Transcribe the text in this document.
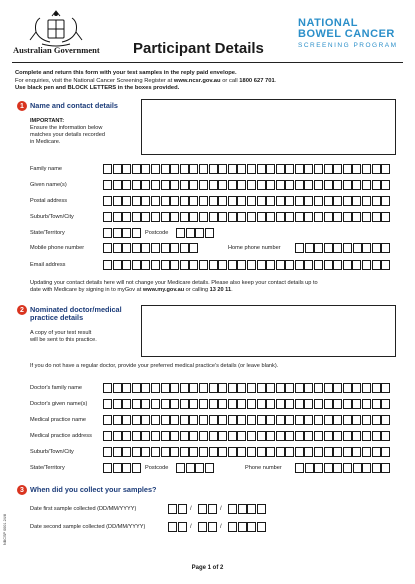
Australian Government Participant Details
NATIONAL
BOWEL CANCER
SCREENING PROGRAM
Complete and return this form with your test samples in the reply paid envelope.
For enquiries, visit the National Cancer Screening Register at www.ncsr.gov.au or call 1800 627 701.
Use black pen and BLOCK LETTERS in the boxes provided.
1 Name and contact details
IMPORTANT:
Ensure the information below
matches your details recorded
in Medicare.
Family name
Given name(s)
Postal address
Suburb/Town/City
State/Territory	Postcode
Mobile phone number	Home phone number
Email address
Updating your contact details here will not change your Medicare details. Please also keep your contact details up to
date with Medicare by signing in to myGov at www.my.gov.au or calling 13 20 11.
2 Nominated doctor/medical
practice details
A copy of your test result
will be sent to this practice.
If you do not have a regular doctor, provide your preferred medical practice's details (or leave blank).
Doctor's family name
Doctor's given name(s)
Medical practice name
Medical practice address
Suburb/Town/City
State/Territory	Postcode	Phone number
3 When did you collect your samples?
Date first sample collected (DD/MM/YYYY)	/	/
Date second sample collected (DD/MM/YYYY)	/	/
NBCSP 0001 24/8
Page 1 of 2
